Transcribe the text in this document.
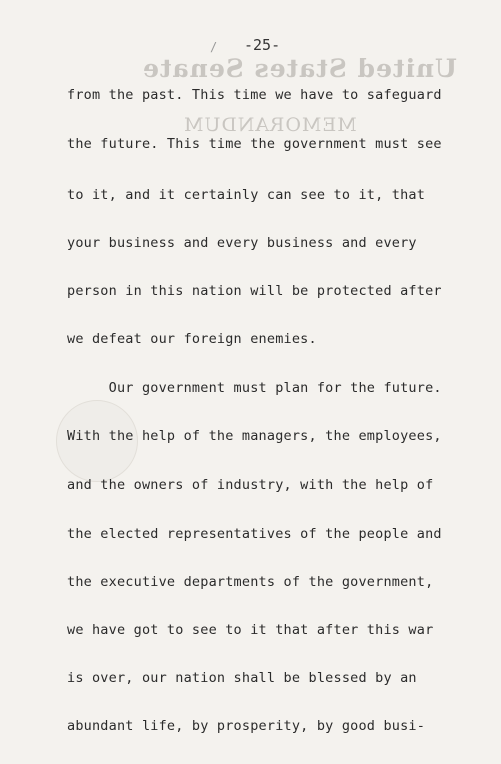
United States Senate
MEMORANDUM
-25-
/
from the past. This time we have to safeguard
the future. This time the government must see
to it, and it certainly can see to it, that
your business and every business and every
person in this nation will be protected after
we defeat our foreign enemies.
Our government must plan for the future.
With the help of the managers, the employees,
and the owners of industry, with the help of
the elected representatives of the people and
the executive departments of the government,
we have got to see to it that after this war
is over, our nation shall be blessed by an
abundant life, by prosperity, by good busi-
